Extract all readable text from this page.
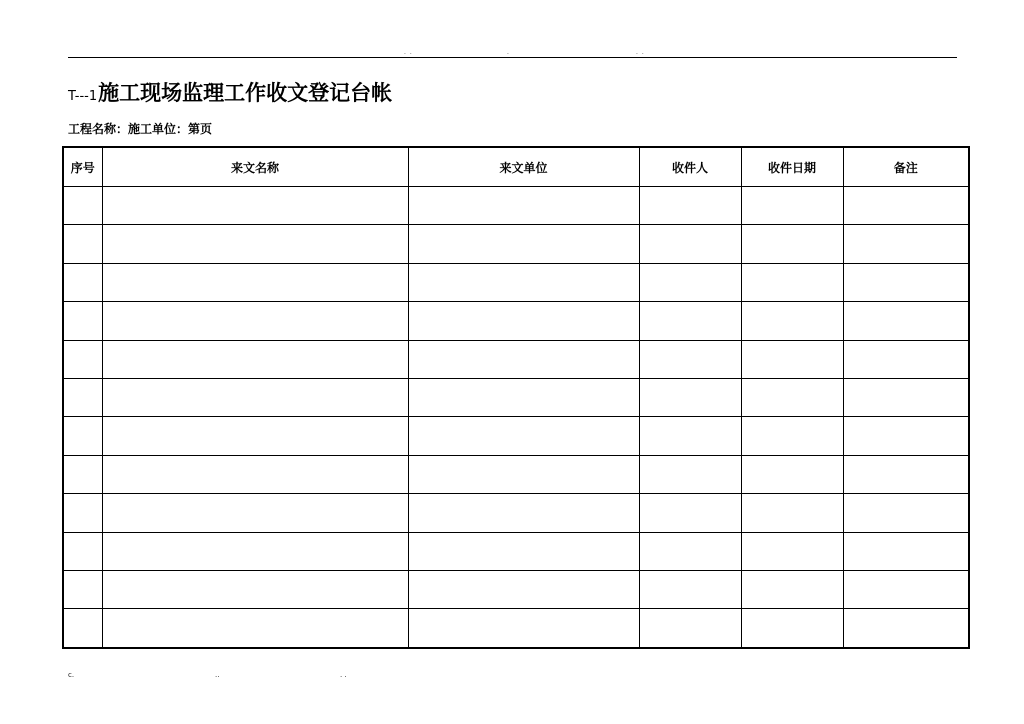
. .	.	. .
T---1 施工现场监理工作收文登记台帐
工程名称：施工单位：第页
序号	来文名称	来文单位	收件人	收件日期	备注

c.	..	. .
